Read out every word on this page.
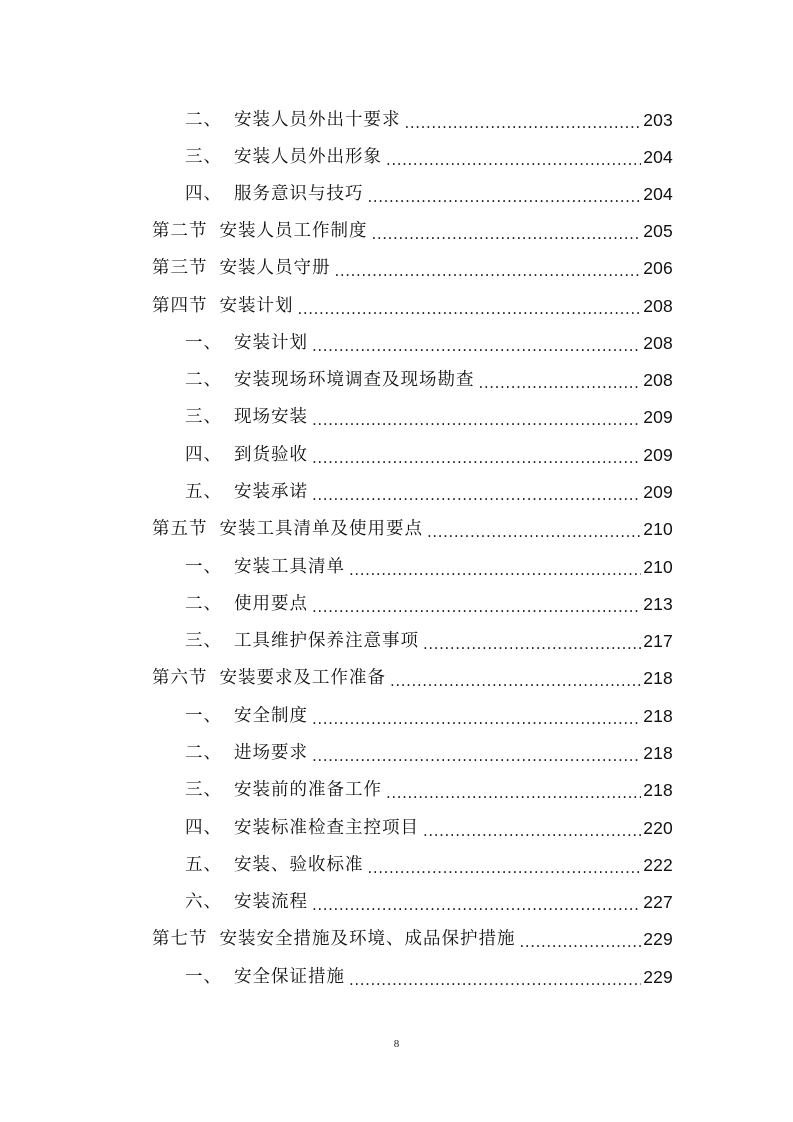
二、 安装人员外出十要求 .....	203
三、 安装人员外出形象 .....	204
四、 服务意识与技巧 .....	204
第二节 安装人员工作制度 .....	205
第三节 安装人员守册 .....	206
第四节 安装计划 .....	208
一、 安装计划 .....	208
二、 安装现场环境调查及现场勘查 .....	208
三、 现场安装 .....	209
四、 到货验收 .....	209
五、 安装承诺 .....	209
第五节 安装工具清单及使用要点 .....	210
一、 安装工具清单 .....	210
二、 使用要点 .....	213
三、 工具维护保养注意事项 .....	217
第六节 安装要求及工作准备 .....	218
一、 安全制度 .....	218
二、 进场要求 .....	218
三、 安装前的准备工作 .....	218
四、 安装标准检查主控项目 .....	220
五、 安装、验收标准 .....	222
六、 安装流程 .....	227
第七节 安装安全措施及环境、成品保护措施 .....	229
一、 安全保证措施 .....	229
8
